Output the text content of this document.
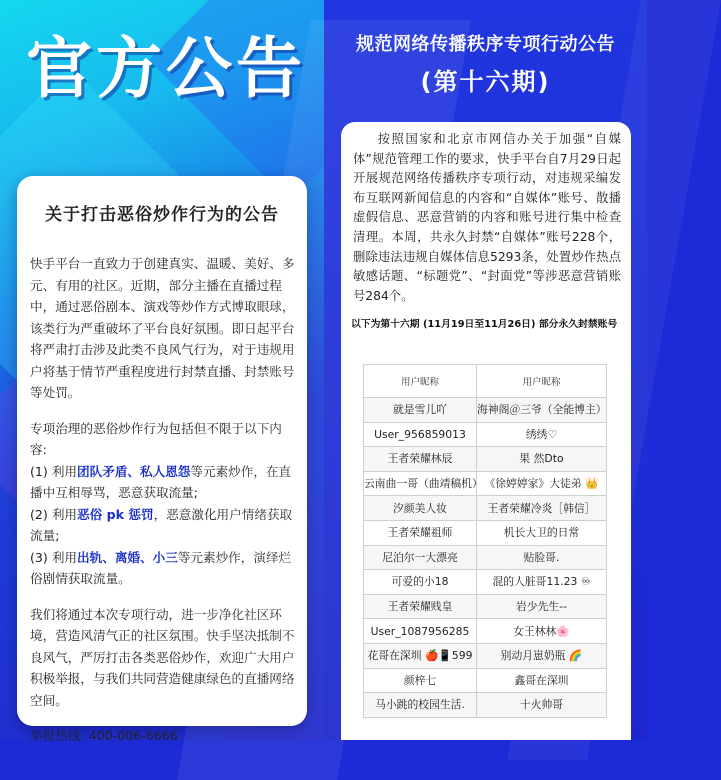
官方公告
关于打击恶俗炒作行为的公告

快手平台一直致力于创建真实、温暖、美好、多元、有用的社区。近期，部分主播在直播过程中，通过恶俗剧本、演戏等炒作方式博取眼球，该类行为严重破坏了平台良好氛围。即日起平台将严肃打击涉及此类不良风气行为，对于违规用户将基于情节严重程度进行封禁直播、封禁账号等处罚。

专项治理的恶俗炒作行为包括但不限于以下内容:

(1) 利用团队矛盾、私人恩怨等元素炒作，在直播中互相辱骂，恶意获取流量;

(2) 利用恶俗 pk 惩罚，恶意激化用户情绪获取流量;

(3) 利用出轨、离婚、小三等元素炒作，演绎烂俗剧情获取流量。

我们将通过本次专项行动，进一步净化社区环境，营造风清气正的社区氛围。快手坚决抵制不良风气，严厉打击各类恶俗炒作，欢迎广大用户积极举报，与我们共同营造健康绿色的直播网络空间。

举报热线: 400-006-6666

规范网络传播秩序专项行动公告
(第十六期)
按照国家和北京市网信办关于加强“自媒体”规范管理工作的要求，快手平台自7月29日起开展规范网络传播秩序专项行动，对违规采编发布互联网新闻信息的内容和“自媒体”账号、散播虚假信息、恶意营销的内容和账号进行集中检查清理。本周，共永久封禁“自媒体”账号228个，删除违法违规自媒体信息5293条，处置炒作热点敏感话题、“标题党”、“封面党”等涉恶意营销账号284个。
以下为第十六期 (11月19日至11月26日) 部分永久封禁账号
用户昵称	用户昵称
就是雪儿吖	海神阁＠三爷（全能博主）
User_956859013	绣绣♡
王者荣耀林辰	果 然Dto
云南曲一哥（曲靖稿机）	《徐婷婷家》大徒弟 👑
汐颜美人妆	王者荣耀冷炎［韩信］
王者荣耀祖师	机长大卫的日常
尼泊尔一大漂亮	贴脸哥.
可爱的小18	混的人脏哥11.23 ♾
王者荣耀贱皇	岩少先生--
User_1087956285	女王林林🌸
花哥在深圳 🍎📱599	别动月崽奶瓶 🌈
颜梓七	鑫哥在深圳
马小跳的校园生活.	十火帅哥
